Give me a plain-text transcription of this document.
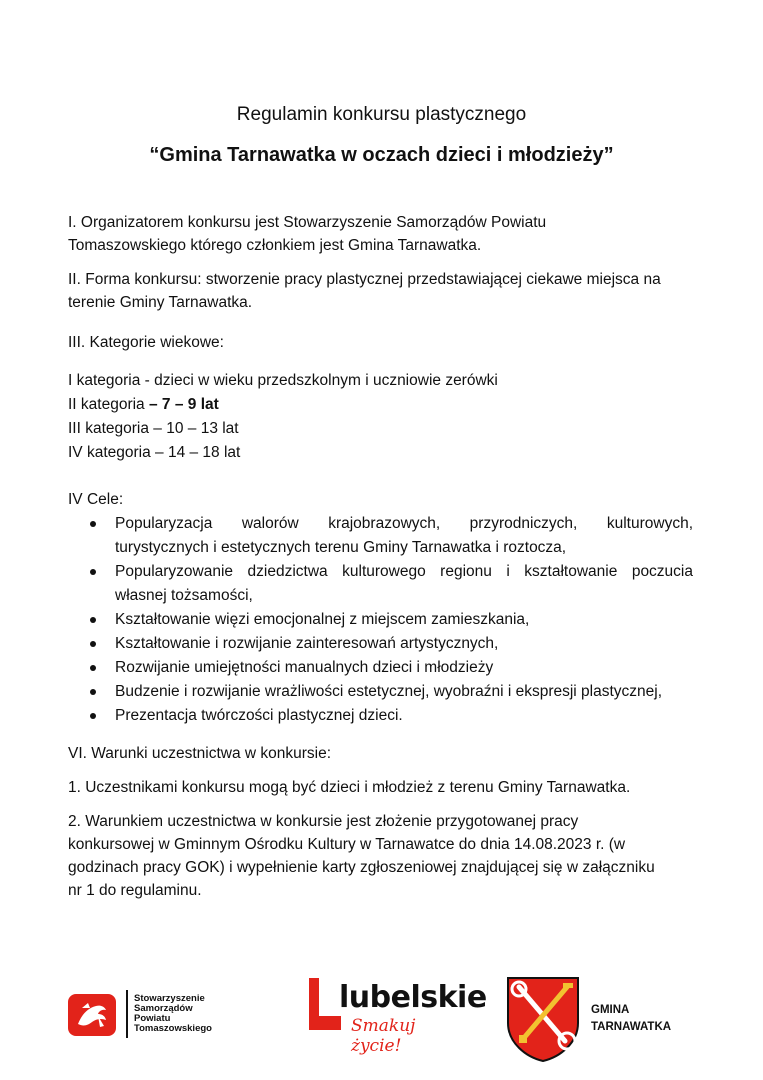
Regulamin konkursu plastycznego
“Gmina Tarnawatka w oczach dzieci i młodzieży”

I. Organizatorem konkursu jest Stowarzyszenie Samorządów Powiatu
Tomaszowskiego którego członkiem jest Gmina Tarnawatka.

II. Forma konkursu: stworzenie pracy plastycznej przedstawiającej ciekawe miejsca na
terenie Gminy Tarnawatka.

III. Kategorie wiekowe:

I kategoria - dzieci w wieku przedszkolnym i uczniowie zerówki
II kategoria – 7 – 9 lat
III kategoria – 10 – 13 lat
IV kategoria – 14 – 18 lat

IV Cele:

Popularyzacja walorów krajobrazowych, przyrodniczych, kulturowych,
turystycznych i estetycznych terenu Gminy Tarnawatka i roztocza,
Popularyzowanie dziedzictwa kulturowego regionu i kształtowanie poczucia
własnej tożsamości,
Kształtowanie więzi emocjonalnej z miejscem zamieszkania,
Kształtowanie i rozwijanie zainteresowań artystycznych,
Rozwijanie umiejętności manualnych dzieci i młodzieży
Budzenie i rozwijanie wrażliwości estetycznej, wyobraźni i ekspresji plastycznej,
Prezentacja twórczości plastycznej dzieci.

VI. Warunki uczestnictwa w konkursie:

1. Uczestnikami konkursu mogą być dzieci i młodzież z terenu Gminy Tarnawatka.

2. Warunkiem uczestnictwa w konkursie jest złożenie przygotowanej pracy
konkursowej w Gminnym Ośrodku Kultury w Tarnawatce do dnia 14.08.2023 r. (w
godzinach pracy GOK) i wypełnienie karty zgłoszeniowej znajdującej się w załączniku
nr 1 do regulaminu.

Stowarzyszenie
Samorządów
Powiatu
Tomaszowskiego
lubelskie
Smakuj życie!
GMINA
TARNAWATKA
